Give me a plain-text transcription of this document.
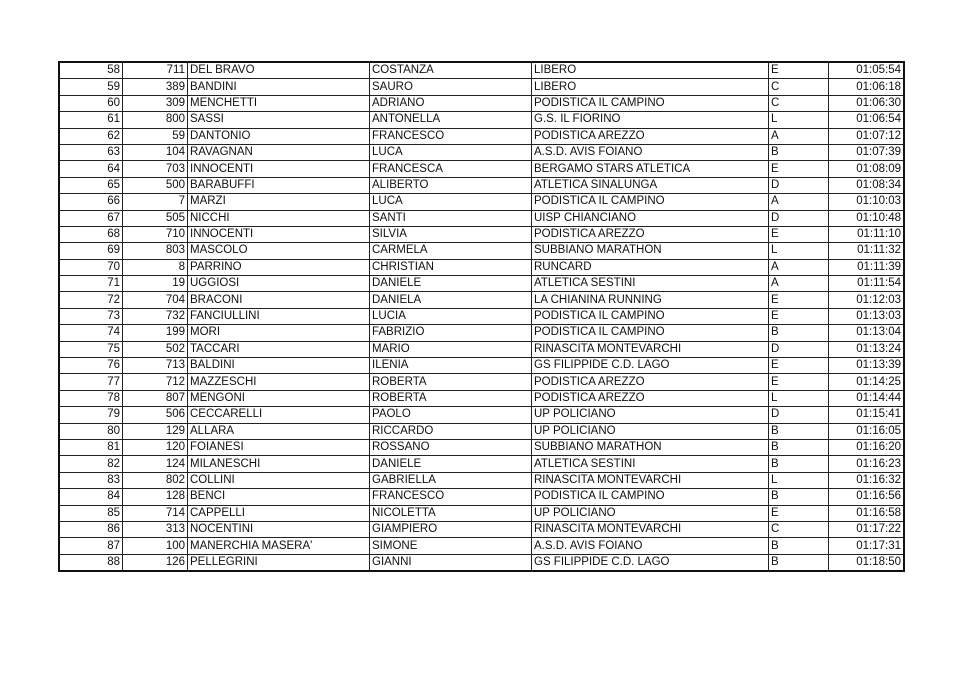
58	711	DEL BRAVO	COSTANZA	LIBERO	E	01:05:54
59	389	BANDINI	SAURO	LIBERO	C	01:06:18
60	309	MENCHETTI	ADRIANO	PODISTICA IL CAMPINO	C	01:06:30
61	800	SASSI	ANTONELLA	G.S. IL FIORINO	L	01:06:54
62	59	DANTONIO	FRANCESCO	PODISTICA AREZZO	A	01:07:12
63	104	RAVAGNAN	LUCA	A.S.D. AVIS FOIANO	B	01:07:39
64	703	INNOCENTI	FRANCESCA	BERGAMO STARS ATLETICA	E	01:08:09
65	500	BARABUFFI	ALIBERTO	ATLETICA SINALUNGA	D	01:08:34
66	7	MARZI	LUCA	PODISTICA IL CAMPINO	A	01:10:03
67	505	NICCHI	SANTI	UISP CHIANCIANO	D	01:10:48
68	710	INNOCENTI	SILVIA	PODISTICA AREZZO	E	01:11:10
69	803	MASCOLO	CARMELA	SUBBIANO MARATHON	L	01:11:32
70	8	PARRINO	CHRISTIAN	RUNCARD	A	01:11:39
71	19	UGGIOSI	DANIELE	ATLETICA SESTINI	A	01:11:54
72	704	BRACONI	DANIELA	LA CHIANINA RUNNING	E	01:12:03
73	732	FANCIULLINI	LUCIA	PODISTICA IL CAMPINO	E	01:13:03
74	199	MORI	FABRIZIO	PODISTICA IL CAMPINO	B	01:13:04
75	502	TACCARI	MARIO	RINASCITA MONTEVARCHI	D	01:13:24
76	713	BALDINI	ILENIA	GS FILIPPIDE C.D. LAGO	E	01:13:39
77	712	MAZZESCHI	ROBERTA	PODISTICA AREZZO	E	01:14:25
78	807	MENGONI	ROBERTA	PODISTICA AREZZO	L	01:14:44
79	506	CECCARELLI	PAOLO	UP POLICIANO	D	01:15:41
80	129	ALLARA	RICCARDO	UP POLICIANO	B	01:16:05
81	120	FOIANESI	ROSSANO	SUBBIANO MARATHON	B	01:16:20
82	124	MILANESCHI	DANIELE	ATLETICA SESTINI	B	01:16:23
83	802	COLLINI	GABRIELLA	RINASCITA MONTEVARCHI	L	01:16:32
84	128	BENCI	FRANCESCO	PODISTICA IL CAMPINO	B	01:16:56
85	714	CAPPELLI	NICOLETTA	UP POLICIANO	E	01:16:58
86	313	NOCENTINI	GIAMPIERO	RINASCITA MONTEVARCHI	C	01:17:22
87	100	MANERCHIA MASERA'	SIMONE	A.S.D. AVIS FOIANO	B	01:17:31
88	126	PELLEGRINI	GIANNI	GS FILIPPIDE C.D. LAGO	B	01:18:50
